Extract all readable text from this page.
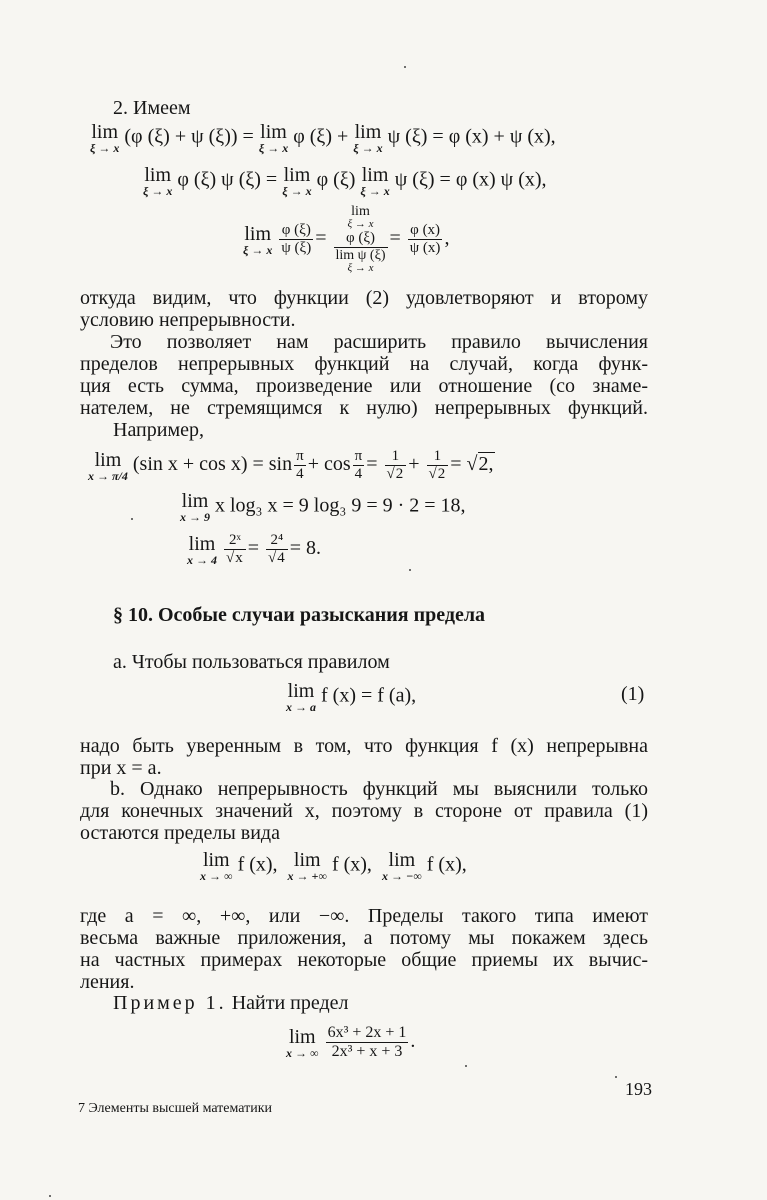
2. Имеем
lim
ξ → x
(φ (ξ) + ψ (ξ)) = lim
ξ → x
φ (ξ) + lim
ξ → x
ψ (ξ) = φ (x) + ψ (x),
lim
ξ → x
φ (ξ) ψ (ξ) = lim
ξ → x
φ (ξ) lim
ξ → x
ψ (ξ) = φ (x) ψ (x),
lim
ξ → x
$\frac{\varphi (\xi)}{\psi (\xi)} = \lim$
ξ → x
φ (ξ)
lim ψ (ξ)
$\xi \to x = \frac{\varphi (x)}{\psi (x)}$ ,
откуда видим, что функции (2) удовлетворяют и второму
условию непрерывности.
Это позволяет нам расширить правило вычисления
пределов непрерывных функций на случай, когда функ-
ция есть сумма, произведение или отношение (со знаме-
нателем, не стремящимся к нулю) непрерывных функций.
Например,
lim
x → π/4
(sin $x + \cos x) = \sin \frac{\pi}{4} + \cos \frac{\pi}{4} = \frac{1}{√2} + \frac{1}{√2} = √2$,
lim
x → 9
x log₃ x = 9 log₃ 9 = 9 · 2 = 18,
lim
x → 4
$\frac{\text{2ˣ}}{√x} = \frac{\text{2⁴}}{√4} = 8$.
§ 10. Особые случаи разыскания предела
a. Чтобы пользоваться правилом
lim
x → a
f (x) = f (a),	(1)
надо быть уверенным в том, что функция f (x) непрерывна
при x = a.
b. Однако непрерывность функций мы выяснили только
для конечных значений x, поэтому в стороне от правила (1)
остаются пределы вида
lim
x → ∞
f (x), lim
x → +∞
f (x), lim
x → −∞
f (x),
где a = ∞, +∞, или −∞. Пределы такого типа имеют
весьма важные приложения, а потому мы покажем здесь
на частных примерах некоторые общие приемы их вычис-
ления.
Пример 1. Найти предел
lim
x → ∞
$\frac{\text{6x³ + 2x + 1}}{\text{2x³ + x + 3}}$ .
7 Элементы высшей математики
193
